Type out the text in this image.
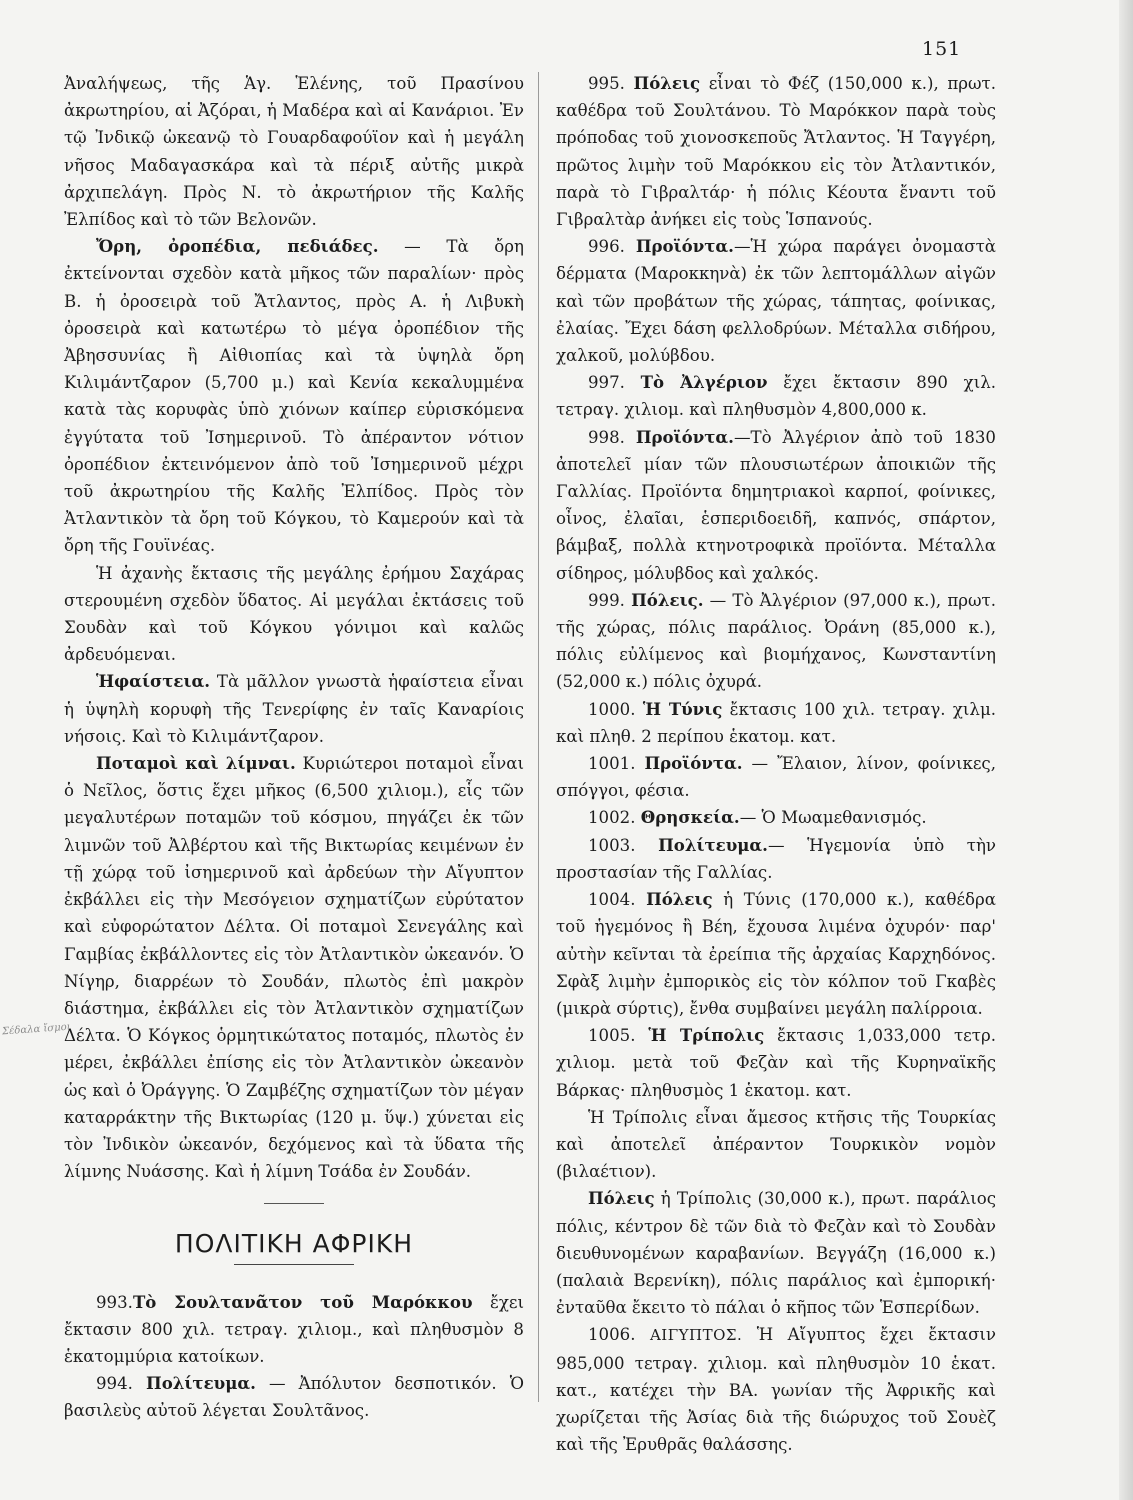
151
Σέδαλα ἴσμοι

Ἀναλήψεως, τῆς Ἁγ. Ἑλένης, τοῦ Πρασίνου ἀκρωτηρίου, αἱ Ἀζόραι, ἡ Μαδέρα καὶ αἱ Κανάριοι. Ἐν τῷ Ἰνδικῷ ὠκεανῷ τὸ Γουαρδαφούϊον καὶ ἡ μεγάλη νῆσος Μαδαγασκάρα καὶ τὰ πέριξ αὐτῆς μικρὰ ἀρχιπελάγη. Πρὸς Ν. τὸ ἀκρωτήριον τῆς Καλῆς Ἐλπίδος καὶ τὸ τῶν Βελονῶν.

Ὄρη, ὀροπέδια, πεδιάδες. — Τὰ ὄρη ἐκτείνονται σχεδὸν κατὰ μῆκος τῶν παραλίων· πρὸς Β. ἡ ὀροσειρὰ τοῦ Ἄτλαντος, πρὸς Α. ἡ Λιβυκὴ ὀροσειρὰ καὶ κατωτέρω τὸ μέγα ὀροπέδιον τῆς Ἀβησσυνίας ἢ Αἰθιοπίας καὶ τὰ ὑψηλὰ ὄρη Κιλιμάντζαρον (5,700 μ.) καὶ Κενία κεκαλυμμένα κατὰ τὰς κορυφὰς ὑπὸ χιόνων καίπερ εὑρισκόμενα ἐγγύτατα τοῦ Ἰσημερινοῦ. Τὸ ἀπέραντον νότιον ὀροπέδιον ἐκτεινόμενον ἀπὸ τοῦ Ἰσημερινοῦ μέχρι τοῦ ἀκρωτηρίου τῆς Καλῆς Ἐλπίδος. Πρὸς τὸν Ἀτλαντικὸν τὰ ὄρη τοῦ Κόγκου, τὸ Καμερούν καὶ τὰ ὄρη τῆς Γουϊνέας.

Ἡ ἀχανὴς ἔκτασις τῆς μεγάλης ἐρήμου Σαχάρας στερουμένη σχεδὸν ὕδατος. Αἱ μεγάλαι ἐκτάσεις τοῦ Σουδὰν καὶ τοῦ Κόγκου γόνιμοι καὶ καλῶς ἀρδευόμεναι.

Ἡφαίστεια. Τὰ μᾶλλον γνωστὰ ἡφαίστεια εἶναι ἡ ὑψηλὴ κορυφὴ τῆς Τενερίφης ἐν ταῖς Καναρίοις νήσοις. Καὶ τὸ Κιλιμάντζαρον.

Ποταμοὶ καὶ λίμναι. Κυριώτεροι ποταμοὶ εἶναι ὁ Νεῖλος, ὅστις ἔχει μῆκος (6,500 χιλιομ.), εἷς τῶν μεγαλυτέρων ποταμῶν τοῦ κόσμου, πηγάζει ἐκ τῶν λιμνῶν τοῦ Ἀλβέρτου καὶ τῆς Βικτωρίας κειμένων ἐν τῇ χώρᾳ τοῦ ἰσημερινοῦ καὶ ἀρδεύων τὴν Αἴγυπτον ἐκβάλλει εἰς τὴν Μεσόγειον σχηματίζων εὐρύτατον καὶ εὐφορώτατον Δέλτα. Οἱ ποταμοὶ Σενεγάλης καὶ Γαμβίας ἐκβάλλοντες εἰς τὸν Ἀτλαντικὸν ὠκεανόν. Ὁ Νίγηρ, διαρρέων τὸ Σουδάν, πλωτὸς ἐπὶ μακρὸν διάστημα, ἐκβάλλει εἰς τὸν Ἀτλαντικὸν σχηματίζων Δέλτα. Ὁ Κόγκος ὁρμητικώτατος ποταμός, πλωτὸς ἐν μέρει, ἐκβάλλει ἐπίσης εἰς τὸν Ἀτλαντικὸν ὠκεανὸν ὡς καὶ ὁ Ὀράγγης. Ὁ Ζαμβέζης σχηματίζων τὸν μέγαν καταρράκτην τῆς Βικτωρίας (120 μ. ὕψ.) χύνεται εἰς τὸν Ἰνδικὸν ὠκεανόν, δεχόμενος καὶ τὰ ὕδατα τῆς λίμνης Νυάσσης. Καὶ ἡ λίμνη Τσάδα ἐν Σουδάν.

ΠΟΛΙΤΙΚΗ ΑΦΡΙΚΗ

993.Τὸ Σουλτανᾶτον τοῦ Μαρόκκου ἔχει ἔκτασιν 800 χιλ. τετραγ. χιλιομ., καὶ πληθυσμὸν 8 ἑκατομμύρια κατοίκων.

994. Πολίτευμα. — Ἀπόλυτον δεσποτικόν. Ὁ βασιλεὺς αὐτοῦ λέγεται Σουλτᾶνος.

995. Πόλεις εἶναι τὸ Φέζ (150,000 κ.), πρωτ. καθέδρα τοῦ Σουλτάνου. Τὸ Μαρόκκον παρὰ τοὺς πρόποδας τοῦ χιονοσκεποῦς Ἄτλαντος. Ἡ Ταγγέρη, πρῶτος λιμὴν τοῦ Μαρόκκου εἰς τὸν Ἀτλαντικόν, παρὰ τὸ Γιβραλτάρ· ἡ πόλις Κέουτα ἔναντι τοῦ Γιβραλτὰρ ἀνήκει εἰς τοὺς Ἱσπανούς.

996. Προϊόντα.—Ἡ χώρα παράγει ὀνομαστὰ δέρματα (Μαροκκηνὰ) ἐκ τῶν λεπτομάλλων αἰγῶν καὶ τῶν προβάτων τῆς χώρας, τάπητας, φοίνικας, ἐλαίας. Ἔχει δάση φελλοδρύων. Μέταλλα σιδήρου, χαλκοῦ, μολύβδου.

997. Τὸ Ἀλγέριον ἔχει ἔκτασιν 890 χιλ. τετραγ. χιλιομ. καὶ πληθυσμὸν 4,800,000 κ.

998. Προϊόντα.—Τὸ Ἀλγέριον ἀπὸ τοῦ 1830 ἀποτελεῖ μίαν τῶν πλουσιωτέρων ἀποικιῶν τῆς Γαλλίας. Προϊόντα δημητριακοὶ καρποί, φοίνικες, οἶνος, ἐλαῖαι, ἑσπεριδοειδῆ, καπνός, σπάρτον, βάμβαξ, πολλὰ κτηνοτροφικὰ προϊόντα. Μέταλλα σίδηρος, μόλυβδος καὶ χαλκός.

999. Πόλεις. — Τὸ Ἀλγέριον (97,000 κ.), πρωτ. τῆς χώρας, πόλις παράλιος. Ὀράνη (85,000 κ.), πόλις εὐλίμενος καὶ βιομήχανος, Κωνσταντίνη (52,000 κ.) πόλις ὀχυρά.

1000. Ἡ Τύνις ἔκτασις 100 χιλ. τετραγ. χιλμ. καὶ πληθ. 2 περίπου ἑκατομ. κατ.

1001. Προϊόντα. — Ἔλαιον, λίνον, φοίνικες, σπόγγοι, φέσια.

1002. Θρησκεία.— Ὁ Μωαμεθανισμός.

1003. Πολίτευμα.— Ἡγεμονία ὑπὸ τὴν προστασίαν τῆς Γαλλίας.

1004. Πόλεις ἡ Τύνις (170,000 κ.), καθέδρα τοῦ ἡγεμόνος ἢ Βέη, ἔχουσα λιμένα ὀχυρόν· παρ' αὐτὴν κεῖνται τὰ ἐρείπια τῆς ἀρχαίας Καρχηδόνος. Σφὰξ λιμὴν ἐμπορικὸς εἰς τὸν κόλπον τοῦ Γκαβὲς (μικρὰ σύρτις), ἔνθα συμβαίνει μεγάλη παλίρροια.

1005. Ἡ Τρίπολις ἔκτασις 1,033,000 τετρ. χιλιομ. μετὰ τοῦ Φεζὰν καὶ τῆς Κυρηναϊκῆς Βάρκας· πληθυσμὸς 1 ἑκατομ. κατ.

Ἡ Τρίπολις εἶναι ἄμεσος κτῆσις τῆς Τουρκίας καὶ ἀποτελεῖ ἀπέραντον Τουρκικὸν νομὸν (βιλαέτιον).

Πόλεις ἡ Τρίπολις (30,000 κ.), πρωτ. παράλιος πόλις, κέντρον δὲ τῶν διὰ τὸ Φεζὰν καὶ τὸ Σουδὰν διευθυνομένων καραβανίων. Βεγγάζη (16,000 κ.) (παλαιὰ Βερενίκη), πόλις παράλιος καὶ ἐμπορική· ἐνταῦθα ἔκειτο τὸ πάλαι ὁ κῆπος τῶν Ἑσπερίδων.

1006. ΑΙΓΥΠΤΟΣ. Ἡ Αἴγυπτος ἔχει ἔκτασιν 985,000 τετραγ. χιλιομ. καὶ πληθυσμὸν 10 ἑκατ. κατ., κατέχει τὴν ΒΑ. γωνίαν τῆς Ἀφρικῆς καὶ χωρίζεται τῆς Ἀσίας διὰ τῆς διώρυχος τοῦ Σουὲζ καὶ τῆς Ἐρυθρᾶς θαλάσσης.
